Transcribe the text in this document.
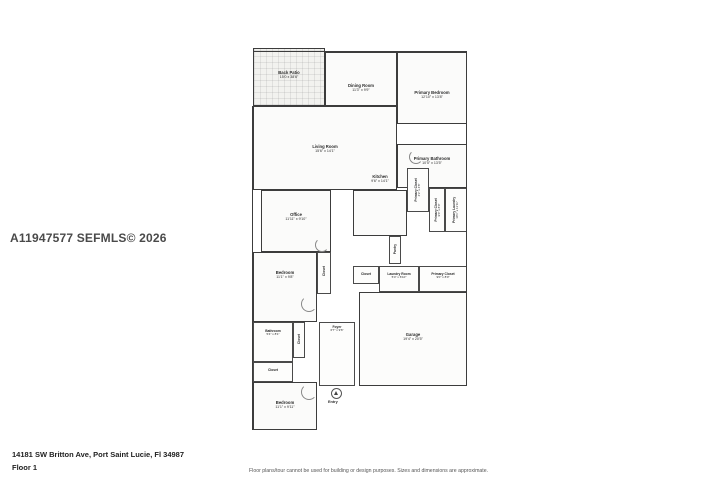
A11947577 SEFMLS© 2026
Back Patio
15'0 x 38'6"
Dining Room
11'3" x 9'9"	Primary Bedroom
12'10" x 13'8"
Living Room
15'6" x 14'1"
Primary Bathroom
10'5" x 13'5"
Kitchen
9'6" x 14'1"	Primary Closet 4'3" x 4'8"
Primary Laundry 10'1" x 11'11"
Primary Closet 9'0" x 8'0"
Office
11'11" x 9'10"
Bedroom
11'1" x 9'8"
Closet
Pantry
Closet	Laundry Room
5'4" x 6'10"
Primary Closet
9'0" x 8'0"
Bathroom
5'4" x 8'1"	Closet
Closet
Foyer
6'7" x 9'6"
Garage
19'4" x 20'5"
Bedroom
11'1" x 9'11"
Entry
14181 SW Britton Ave, Port Saint Lucie, Fl 34987
Floor 1	Floor plans/tour cannot be used for building or design purposes. Sizes and dimensions are approximate.
